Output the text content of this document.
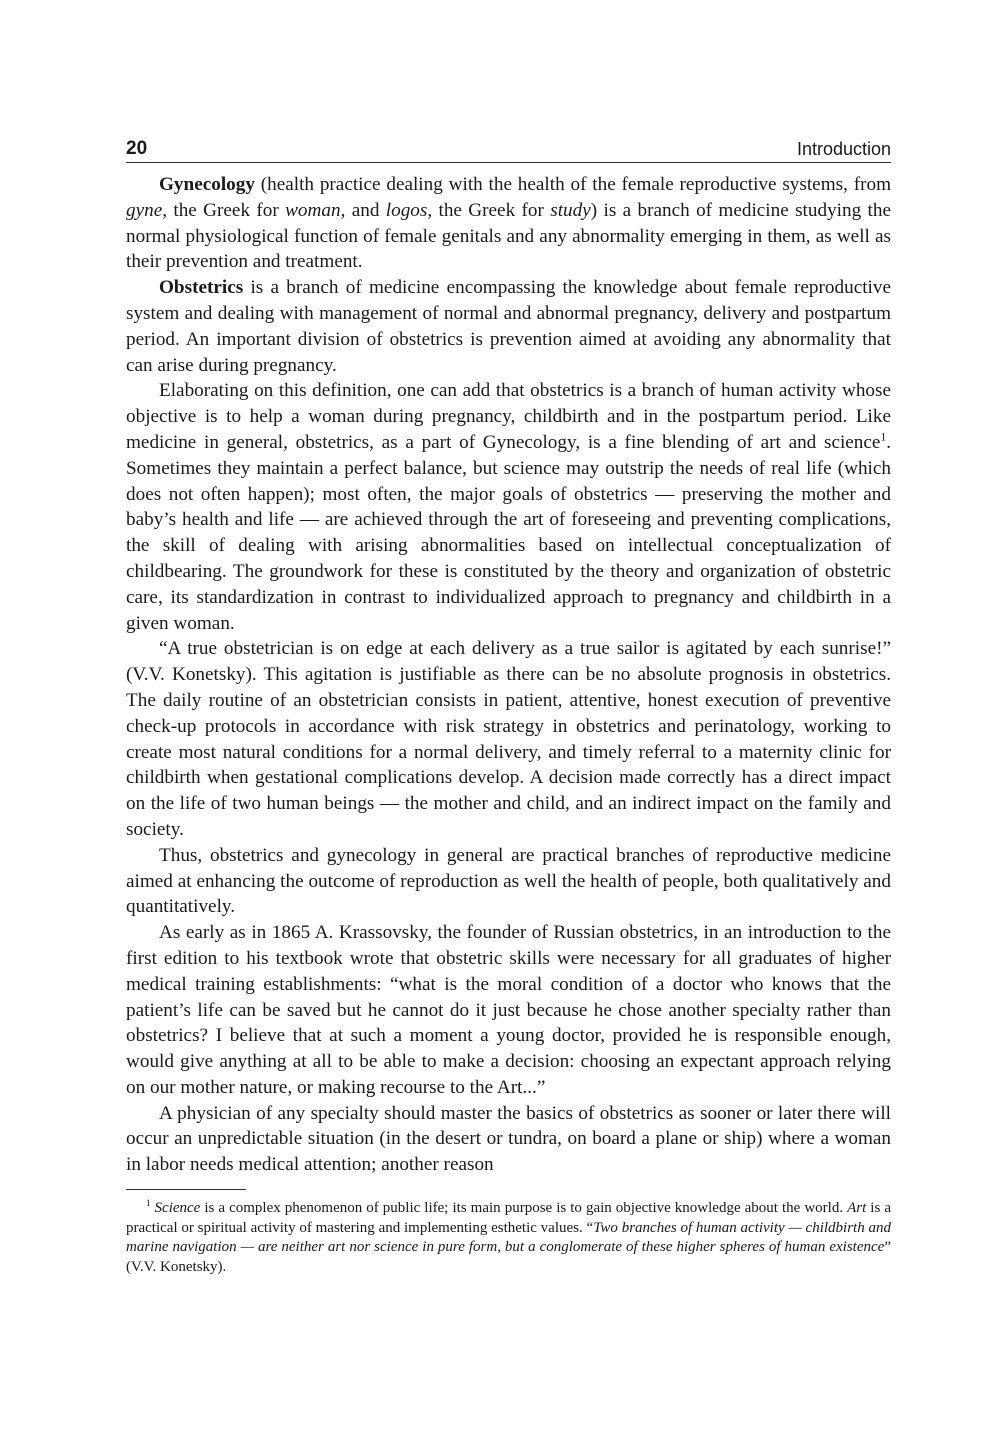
20	Introduction

Gynecology (health practice dealing with the health of the female reproductive systems, from gyne, the Greek for woman, and logos, the Greek for study) is a branch of medicine studying the normal physiological function of female genitals and any abnormality emerging in them, as well as their prevention and treatment.

Obstetrics is a branch of medicine encompassing the knowledge about female reproductive system and dealing with management of normal and abnormal pregnancy, delivery and postpartum period. An important division of obstetrics is prevention aimed at avoiding any abnormality that can arise during pregnancy.

Elaborating on this definition, one can add that obstetrics is a branch of human activity whose objective is to help a woman during pregnancy, childbirth and in the postpartum period. Like medicine in general, obstetrics, as a part of Gynecology, is a fine blending of art and science$^1$. Sometimes they maintain a perfect balance, but science may outstrip the needs of real life (which does not often happen); most often, the major goals of obstetrics — preserving the mother and baby’s health and life — are achieved through the art of foreseeing and preventing complications, the skill of dealing with arising abnormalities based on intellectual conceptualization of childbearing. The groundwork for these is constituted by the theory and organization of obstetric care, its standardization in contrast to individualized approach to pregnancy and childbirth in a given woman.

“A true obstetrician is on edge at each delivery as a true sailor is agitated by each sunrise!” (V.V. Konetsky). This agitation is justifiable as there can be no absolute prognosis in obstetrics. The daily routine of an obstetrician consists in patient, attentive, honest execution of preventive check-up protocols in accordance with risk strategy in obstetrics and perinatology, working to create most natural conditions for a normal delivery, and timely referral to a maternity clinic for childbirth when gestational complications develop. A decision made correctly has a direct impact on the life of two human beings — the mother and child, and an indirect impact on the family and society.

Thus, obstetrics and gynecology in general are practical branches of reproductive medicine aimed at enhancing the outcome of reproduction as well the health of people, both qualitatively and quantitatively.

As early as in 1865 A. Krassovsky, the founder of Russian obstetrics, in an introduction to the first edition to his textbook wrote that obstetric skills were necessary for all graduates of higher medical training establishments: “what is the moral condition of a doctor who knows that the patient’s life can be saved but he cannot do it just because he chose another specialty rather than obstetrics? I believe that at such a moment a young doctor, provided he is responsible enough, would give anything at all to be able to make a decision: choosing an expectant approach relying on our mother nature, or making recourse to the Art...”

A physician of any specialty should master the basics of obstetrics as sooner or later there will occur an unpredictable situation (in the desert or tundra, on board a plane or ship) where a woman in labor needs medical attention; another reason

$^1$ Science is a complex phenomenon of public life; its main purpose is to gain objective knowledge about the world. Art is a practical or spiritual activity of mastering and implementing esthetic values. “Two branches of human activity — childbirth and marine navigation — are neither art nor science in pure form, but a conglomerate of these higher spheres of human existence” (V.V. Konetsky).
